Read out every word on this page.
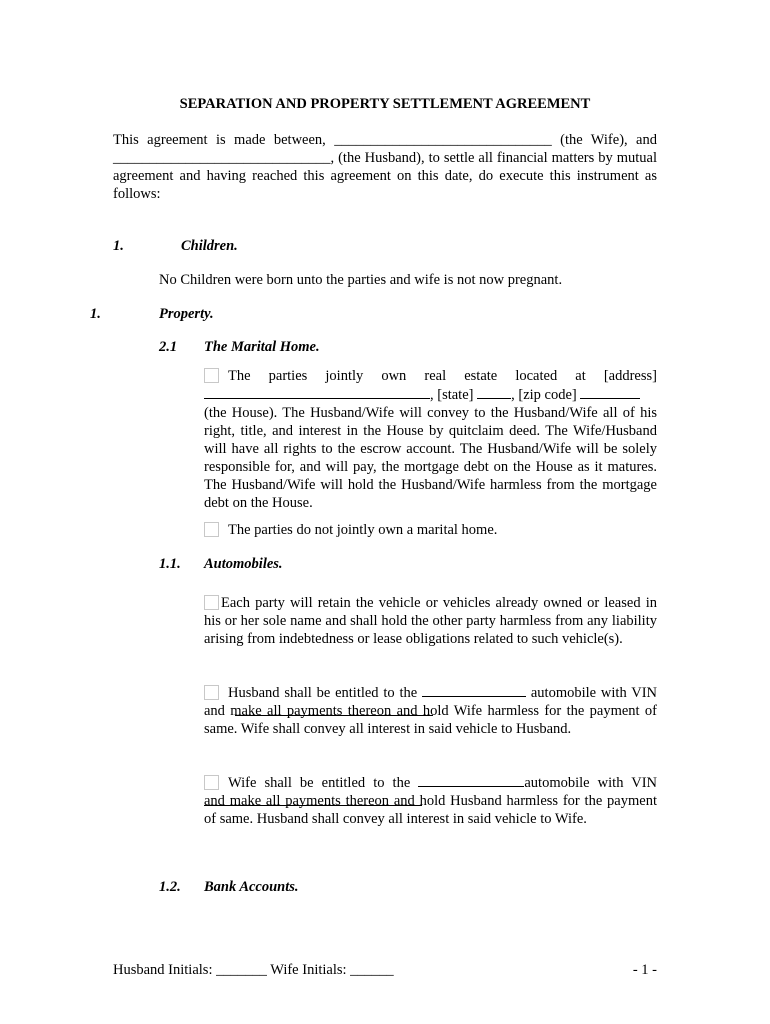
SEPARATION AND PROPERTY SETTLEMENT AGREEMENT
This agreement is made between, ______________________________ (the Wife), and ______________________________, (the Husband), to settle all financial matters by mutual agreement and having reached this agreement on this date, do execute this instrument as follows:
1.	Children.
No Children were born unto the parties and wife is not now pregnant.
1.	Property.
2.1 The Marital Home.
The parties jointly own real estate located at [address]
, [state]	, [zip code]
(the House). The Husband/Wife will convey to the Husband/Wife all of his right, title, and interest in the House by quitclaim deed. The Wife/Husband will have all rights to the escrow account. The Husband/Wife will be solely responsible for, and will pay, the mortgage debt on the House as it matures. The Husband/Wife will hold the Husband/Wife harmless from the mortgage debt on the House.
The parties do not jointly own a marital home.
1.1. Automobiles.
Each party will retain the vehicle or vehicles already owned or leased in his or her sole name and shall hold the other party harmless from any liability arising from indebtedness or lease obligations related to such vehicle(s).
Husband shall be entitled to the	automobile with VIN
and make all payments thereon and hold Wife harmless for the payment of same. Wife shall convey all interest in said vehicle to Husband.
Wife shall be entitled to the	automobile with VIN
and make all payments thereon and hold Husband harmless for the payment of same. Husband shall convey all interest in said vehicle to Wife.
1.2. Bank Accounts.
Husband Initials: _______ Wife Initials: ______	- 1 -
